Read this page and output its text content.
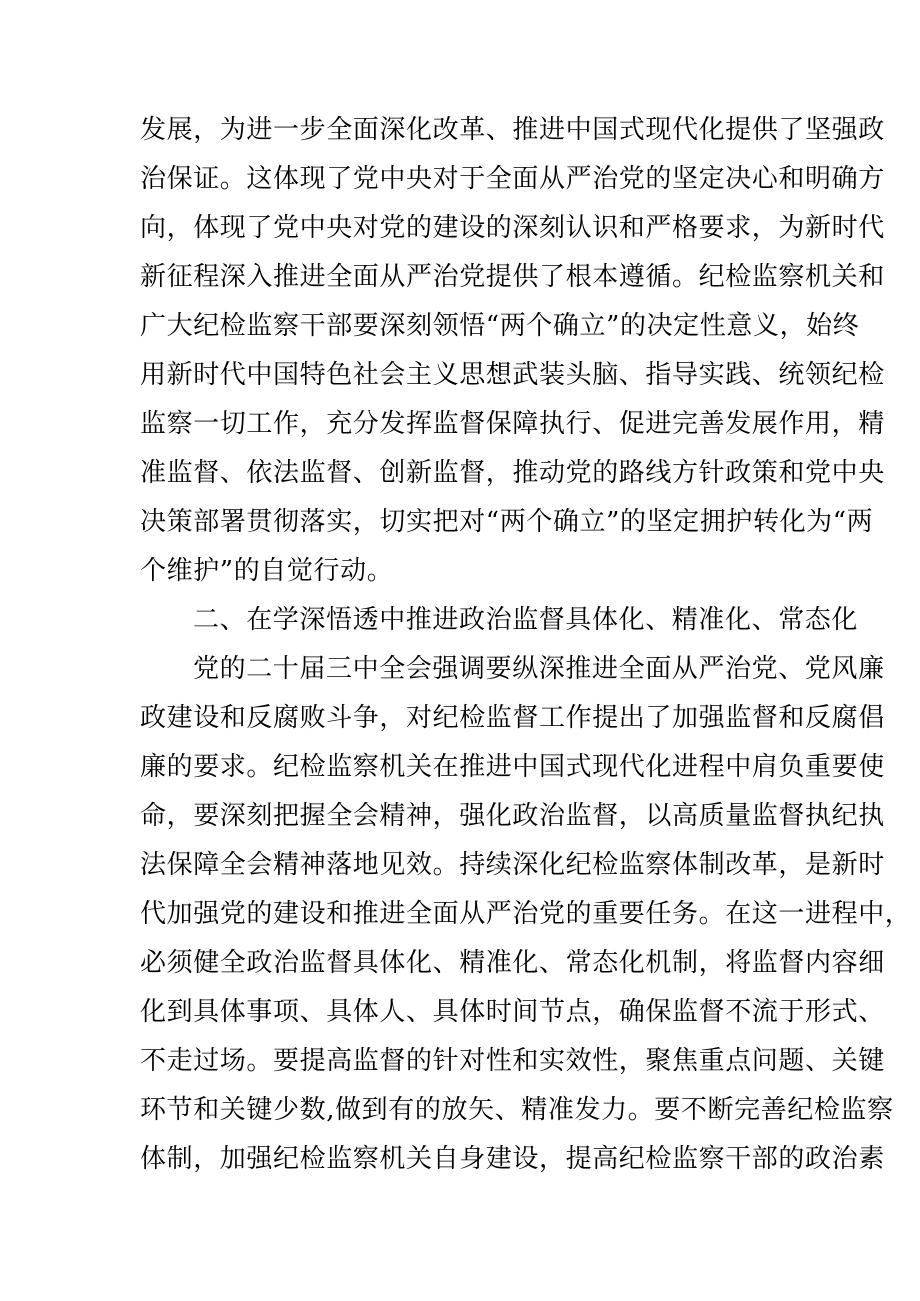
发展，为进一步全面深化改革、推进中国式现代化提供了坚强政
治保证。这体现了党中央对于全面从严治党的坚定决心和明确方
向，体现了党中央对党的建设的深刻认识和严格要求，为新时代
新征程深入推进全面从严治党提供了根本遵循。纪检监察机关和
广大纪检监察干部要深刻领悟“两个确立”的决定性意义，始终
用新时代中国特色社会主义思想武装头脑、指导实践、统领纪检
监察一切工作，充分发挥监督保障执行、促进完善发展作用，精
准监督、依法监督、创新监督，推动党的路线方针政策和党中央
决策部署贯彻落实，切实把对“两个确立”的坚定拥护转化为“两
个维护”的自觉行动。
二、在学深悟透中推进政治监督具体化、精准化、常态化
党的二十届三中全会强调要纵深推进全面从严治党、党风廉
政建设和反腐败斗争，对纪检监督工作提出了加强监督和反腐倡
廉的要求。纪检监察机关在推进中国式现代化进程中肩负重要使
命，要深刻把握全会精神，强化政治监督，以高质量监督执纪执
法保障全会精神落地见效。持续深化纪检监察体制改革，是新时
代加强党的建设和推进全面从严治党的重要任务。在这一进程中，
必须健全政治监督具体化、精准化、常态化机制，将监督内容细
化到具体事项、具体人、具体时间节点，确保监督不流于形式、
不走过场。要提高监督的针对性和实效性，聚焦重点问题、关键
环节和关键少数,做到有的放矢、精准发力。要不断完善纪检监察
体制，加强纪检监察机关自身建设，提高纪检监察干部的政治素
